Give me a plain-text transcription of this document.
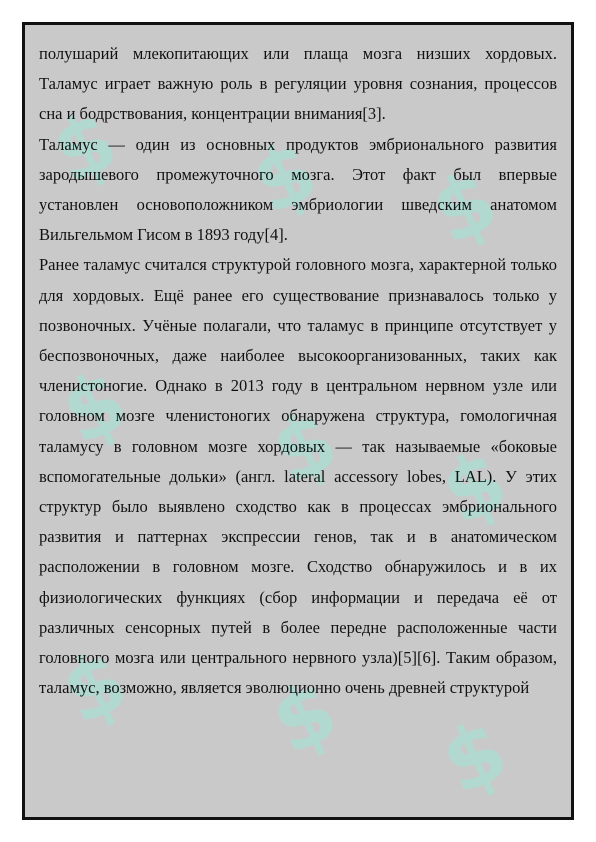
$ $ $
$ $ $
$ $ $

полушарий млекопитающих или плаща мозга низших хордовых. Таламус играет важную роль в регуляции уровня сознания, процессов сна и бодрствования, концентрации внимания[3].

Таламус — один из основных продуктов эмбрионального развития зародышевого промежуточного мозга. Этот факт был впервые установлен основоположником эмбриологии шведским анатомом Вильгельмом Гисом в 1893 году[4].

Ранее таламус считался структурой головного мозга, характерной только для хордовых. Ещё ранее его существование признавалось только у позвоночных. Учёные полагали, что таламус в принципе отсутствует у беспозвоночных, даже наиболее высокоорганизованных, таких как членистоногие. Однако в 2013 году в центральном нервном узле или головном мозге членистоногих обнаружена структура, гомологичная таламусу в головном мозге хордовых — так называемые «боковые вспомогательные дольки» (англ. lateral accessory lobes, LAL). У этих структур было выявлено сходство как в процессах эмбрионального развития и паттернах экспрессии генов, так и в анатомическом расположении в головном мозге. Сходство обнаружилось и в их физиологических функциях (сбор информации и передача её от различных сенсорных путей в более передне расположенные части головного мозга или центрального нервного узла)[5][6]. Таким образом, таламус, возможно, является эволюционно очень древней структурой
